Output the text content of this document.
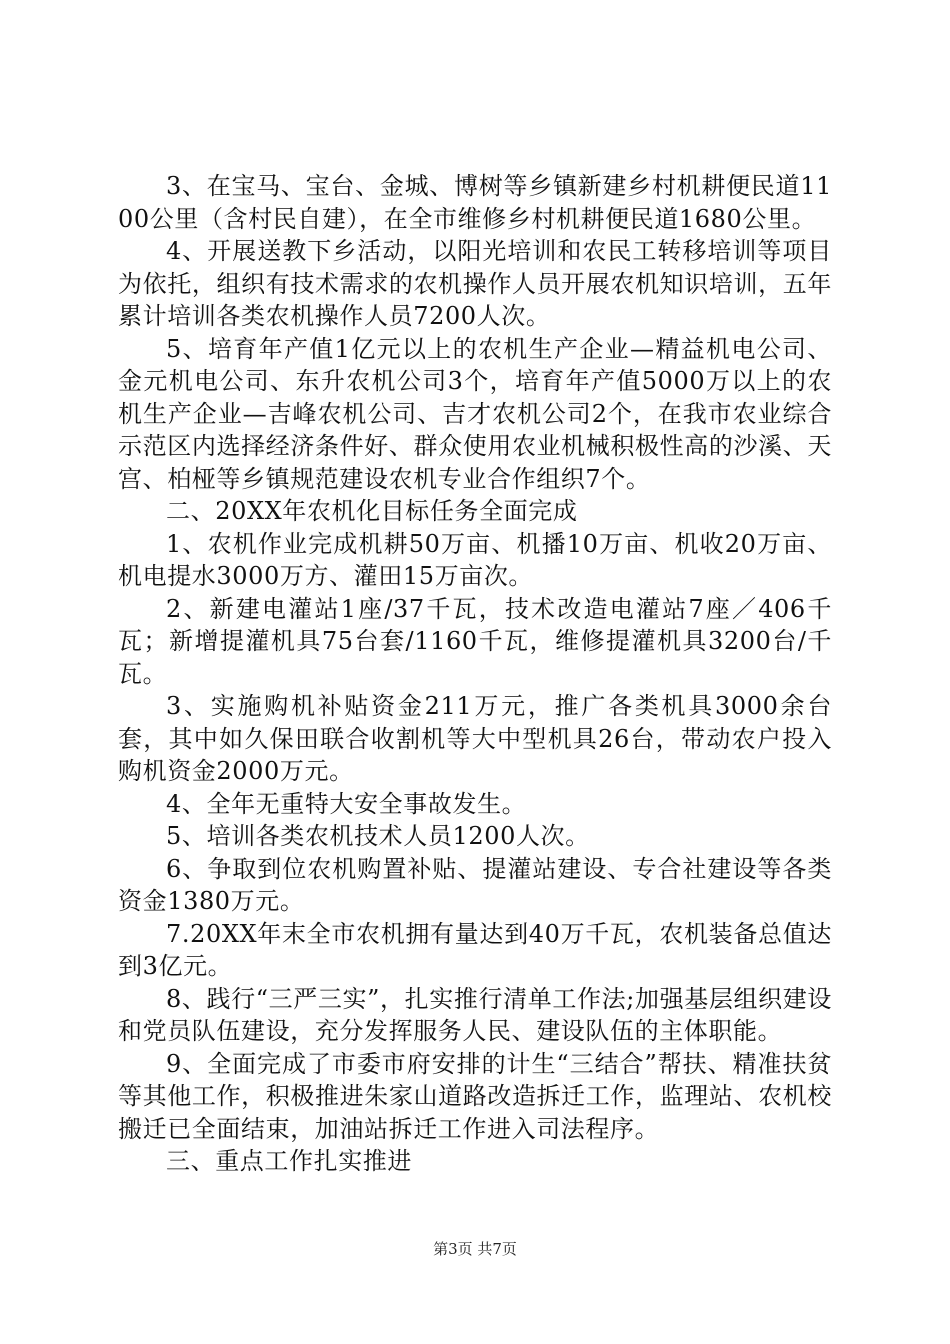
3、在宝马、宝台、金城、博树等乡镇新建乡村机耕便民道1100公里（含村民自建），在全市维修乡村机耕便民道1680公里。

4、开展送教下乡活动，以阳光培训和农民工转移培训等项目为依托，组织有技术需求的农机操作人员开展农机知识培训，五年累计培训各类农机操作人员7200人次。

5、培育年产值1亿元以上的农机生产企业—精益机电公司、金元机电公司、东升农机公司3个，培育年产值5000万以上的农机生产企业—吉峰农机公司、吉才农机公司2个，在我市农业综合示范区内选择经济条件好、群众使用农业机械积极性高的沙溪、天宫、柏桠等乡镇规范建设农机专业合作组织7个。

二、20XX年农机化目标任务全面完成

1、农机作业完成机耕50万亩、机播10万亩、机收20万亩、机电提水3000万方、灌田15万亩次。

2、新建电灌站1座/37千瓦，技术改造电灌站7座／406千瓦；新增提灌机具75台套/1160千瓦，维修提灌机具3200台/千瓦。

3、实施购机补贴资金211万元，推广各类机具3000余台套，其中如久保田联合收割机等大中型机具26台，带动农户投入购机资金2000万元。

4、全年无重特大安全事故发生。

5、培训各类农机技术人员1200人次。

6、争取到位农机购置补贴、提灌站建设、专合社建设等各类资金1380万元。

7.20XX年末全市农机拥有量达到40万千瓦，农机装备总值达到3亿元。

8、践行“三严三实”，扎实推行清单工作法;加强基层组织建设和党员队伍建设，充分发挥服务人民、建设队伍的主体职能。

9、全面完成了市委市府安排的计生“三结合”帮扶、精准扶贫等其他工作，积极推进朱家山道路改造拆迁工作，监理站、农机校搬迁已全面结束，加油站拆迁工作进入司法程序。

三、重点工作扎实推进

第3页 共7页
